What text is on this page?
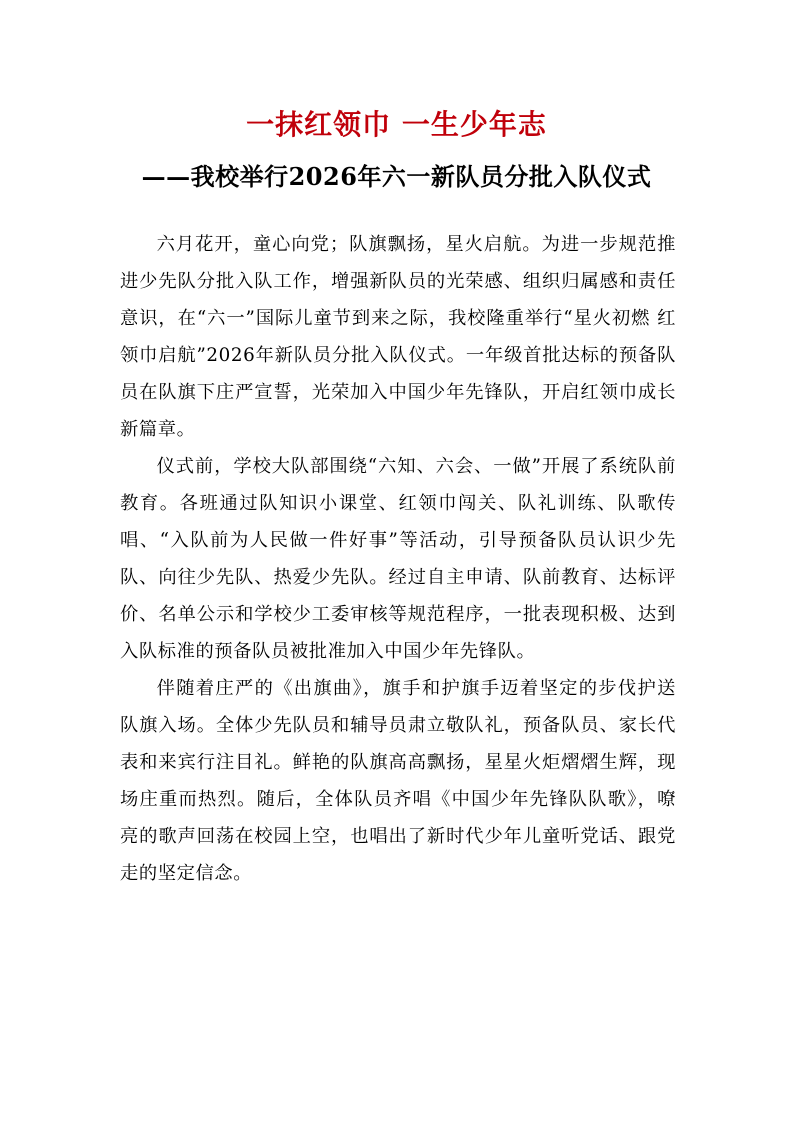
一抹红领巾 一生少年志
——我校举行2026年六一新队员分批入队仪式

六月花开，童心向党；队旗飘扬，星火启航。为进一步规范推进少先队分批入队工作，增强新队员的光荣感、组织归属感和责任意识，在“六一”国际儿童节到来之际，我校隆重举行“星火初燃 红领巾启航”2026年新队员分批入队仪式。一年级首批达标的预备队员在队旗下庄严宣誓，光荣加入中国少年先锋队，开启红领巾成长新篇章。

仪式前，学校大队部围绕“六知、六会、一做”开展了系统队前教育。各班通过队知识小课堂、红领巾闯关、队礼训练、队歌传唱、“入队前为人民做一件好事”等活动，引导预备队员认识少先队、向往少先队、热爱少先队。经过自主申请、队前教育、达标评价、名单公示和学校少工委审核等规范程序，一批表现积极、达到入队标准的预备队员被批准加入中国少年先锋队。

伴随着庄严的《出旗曲》，旗手和护旗手迈着坚定的步伐护送队旗入场。全体少先队员和辅导员肃立敬队礼，预备队员、家长代表和来宾行注目礼。鲜艳的队旗高高飘扬，星星火炬熠熠生辉，现场庄重而热烈。随后，全体队员齐唱《中国少年先锋队队歌》，嘹亮的歌声回荡在校园上空，也唱出了新时代少年儿童听党话、跟党走的坚定信念。
